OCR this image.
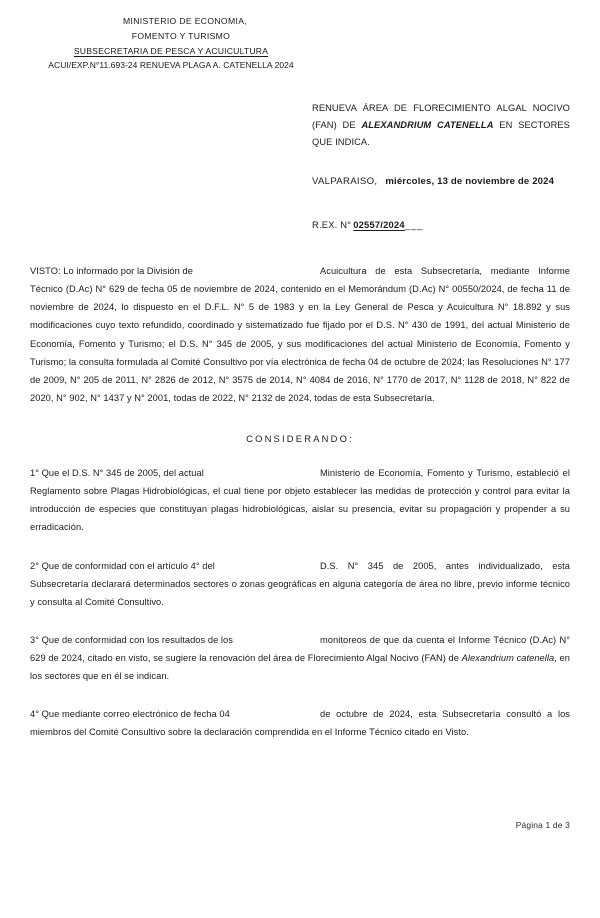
MINISTERIO DE ECONOMIA,
FOMENTO Y TURISMO
SUBSECRETARIA DE PESCA Y ACUICULTURA
ACUI/EXP.N°11.693-24 RENUEVA PLAGA A. CATENELLA 2024
RENUEVA ÁREA DE FLORECIMIENTO ALGAL NOCIVO (FAN) DE ALEXANDRIUM CATENELLA EN SECTORES QUE INDICA.
VALPARAISO, miércoles, 13 de noviembre de 2024
R.EX. N° 02557/2024___

VISTO: Lo informado por la División de	Acuicultura de esta Subsecretaría, mediante Informe Técnico (D.Ac) N° 629 de fecha 05 de noviembre de 2024, contenido en el Memorándum (D.Ac) N° 00550/2024, de fecha 11 de noviembre de 2024, lo dispuesto en el D.F.L. N° 5 de 1983 y en la Ley General de Pesca y Acuicultura N° 18.892 y sus modificaciones cuyo texto refundido, coordinado y sistematizado fue fijado por el D.S. N° 430 de 1991, del actual Ministerio de Economía, Fomento y Turismo; el D.S. N° 345 de 2005, y sus modificaciones del actual Ministerio de Economía, Fomento y Turismo; la consulta formulada al Comité Consultivo por vía electrónica de fecha 04 de octubre de 2024; las Resoluciones N° 177 de 2009, N° 205 de 2011, N° 2826 de 2012, N° 3575 de 2014, N° 4084 de 2016, N° 1770 de 2017, N° 1128 de 2018, N° 822 de 2020, N° 902, N° 1437 y N° 2001, todas de 2022, N° 2132 de 2024, todas de esta Subsecretaría.

CONSIDERANDO:

1° Que el D.S. N° 345 de 2005, del actual	Ministerio de Economía, Fomento y Turismo, estableció el Reglamento sobre Plagas Hidrobiológicas, el cual tiene por objeto establecer las medidas de protección y control para evitar la introducción de especies que constituyan plagas hidrobiológicas, aislar su presencia, evitar su propagación y propender a su erradicación.

2° Que de conformidad con el artículo 4° del	D.S. N° 345 de 2005, antes individualizado, esta Subsecretaría declarará determinados sectores o zonas geográficas en alguna categoría de área no libre, previo informe técnico y consulta al Comité Consultivo.

3° Que de conformidad con los resultados de los	monitoreos de que da cuenta el Informe Técnico (D.Ac) N° 629 de 2024, citado en visto, se sugiere la renovación del área de Florecimiento Algal Nocivo (FAN) de Alexandrium catenella, en los sectores que en él se indican.

4° Que mediante correo electrónico de fecha 04	de octubre de 2024, esta Subsecretaría consultó a los miembros del Comité Consultivo sobre la declaración comprendida en el Informe Técnico citado en Visto.

Página 1 de 3
